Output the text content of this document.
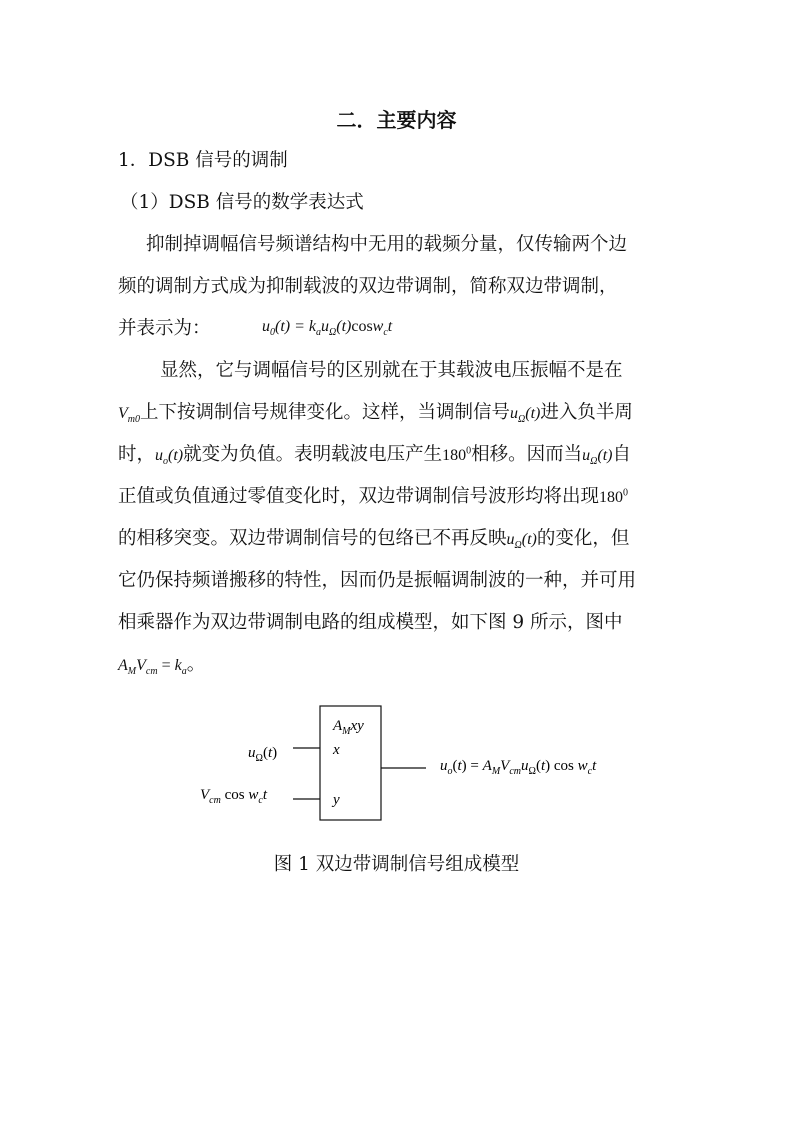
二．主要内容
1．DSB 信号的调制
（1）DSB 信号的数学表达式
抑制掉调幅信号频谱结构中无用的载频分量，仅传输两个边
频的调制方式成为抑制载波的双边带调制，简称双边带调制，
并表示为：	$u_0(t) = k_au_\Omega(t)\cos w_ct$
显然，它与调幅信号的区别就在于其载波电压振幅不是在
$V_{m0}$上下按调制信号规律变化。这样，当调制信号$u_\Omega(t)$进入负半周
时，$u_o(t)$就变为负值。表明载波电压产生$180^0$相移。因而当$u_\Omega(t)$自
正值或负值通过零值变化时，双边带调制信号波形均将出现$180^0$
的相移突变。双边带调制信号的包络已不再反映$u_\Omega(t)$的变化，但
它仍保持频谱搬移的特性，因而仍是振幅调制波的一种，并可用
相乘器作为双边带调制电路的组成模型，如下图 9 所示，图中
$A_MV_{cm} = k_a$。
$A_Mxy$
x
y
$u_\Omega(t)$
$V_{cm}$ $\cos w_ct$
$u_o(t) = A_MV_{cm}u_\Omega(t)$ $\cos w_ct$
图 1 双边带调制信号组成模型
